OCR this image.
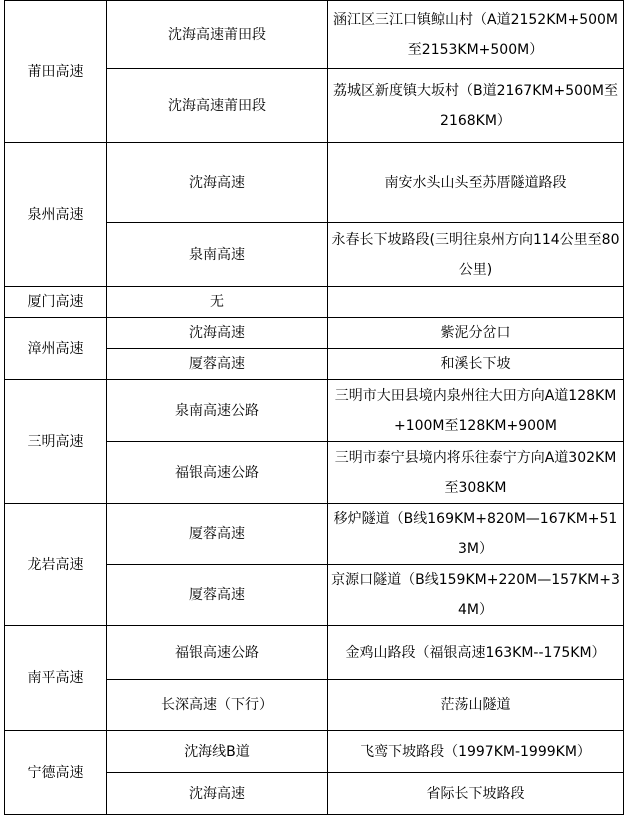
莆田高速	沈海高速莆田段	涵江区三江口镇鲸山村（A道2152KM+500M至2153KM+500M）
	沈海高速莆田段	荔城区新度镇大坂村（B道2167KM+500M至2168KM）
泉州高速	沈海高速	南安水头山头至苏厝隧道路段
	泉南高速	永春长下坡路段(三明往泉州方向114公里至80公里)
厦门高速	无	
漳州高速	沈海高速	紫泥分岔口
	厦蓉高速	和溪长下坡
三明高速	泉南高速公路	三明市大田县境内泉州往大田方向A道128KM+100M至128KM+900M
	福银高速公路	三明市泰宁县境内将乐往泰宁方向A道302KM至308KM
龙岩高速	厦蓉高速	移炉隧道（B线169KM+820M—167KM+513M）
	厦蓉高速	京源口隧道（B线159KM+220M—157KM+34M）
南平高速	福银高速公路	金鸡山路段（福银高速163KM--175KM）
	长深高速（下行）	茫荡山隧道
宁德高速	沈海线B道	飞鸾下坡路段（1997KM-1999KM）
	沈海高速	省际长下坡路段
